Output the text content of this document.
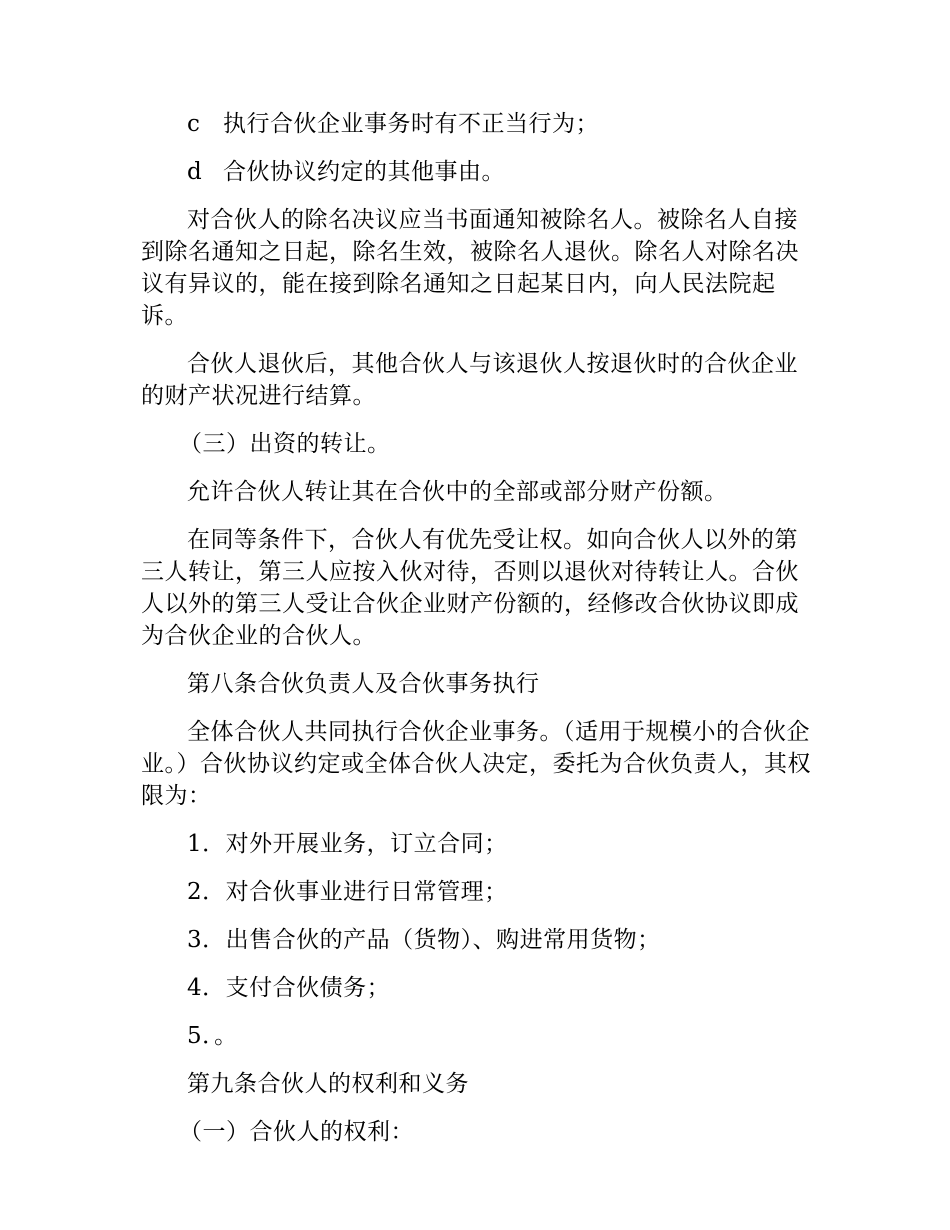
c 执行合伙企业事务时有不正当行为；
d 合伙协议约定的其他事由。

对合伙人的除名决议应当书面通知被除名人。被除名人自接到除名通知之日起，除名生效，被除名人退伙。除名人对除名决议有异议的，能在接到除名通知之日起某日内，向人民法院起诉。

合伙人退伙后，其他合伙人与该退伙人按退伙时的合伙企业的财产状况进行结算。

（三）出资的转让。

允许合伙人转让其在合伙中的全部或部分财产份额。

在同等条件下，合伙人有优先受让权。如向合伙人以外的第三人转让，第三人应按入伙对待，否则以退伙对待转让人。合伙人以外的第三人受让合伙企业财产份额的，经修改合伙协议即成为合伙企业的合伙人。

第八条合伙负责人及合伙事务执行

全体合伙人共同执行合伙企业事务。（适用于规模小的合伙企业。）合伙协议约定或全体合伙人决定，委托为合伙负责人，其权限为：

1．对外开展业务，订立合同；
2．对合伙事业进行日常管理；
3．出售合伙的产品（货物）、购进常用货物；
4．支付合伙债务；
5．。

第九条合伙人的权利和义务

（一）合伙人的权利：
